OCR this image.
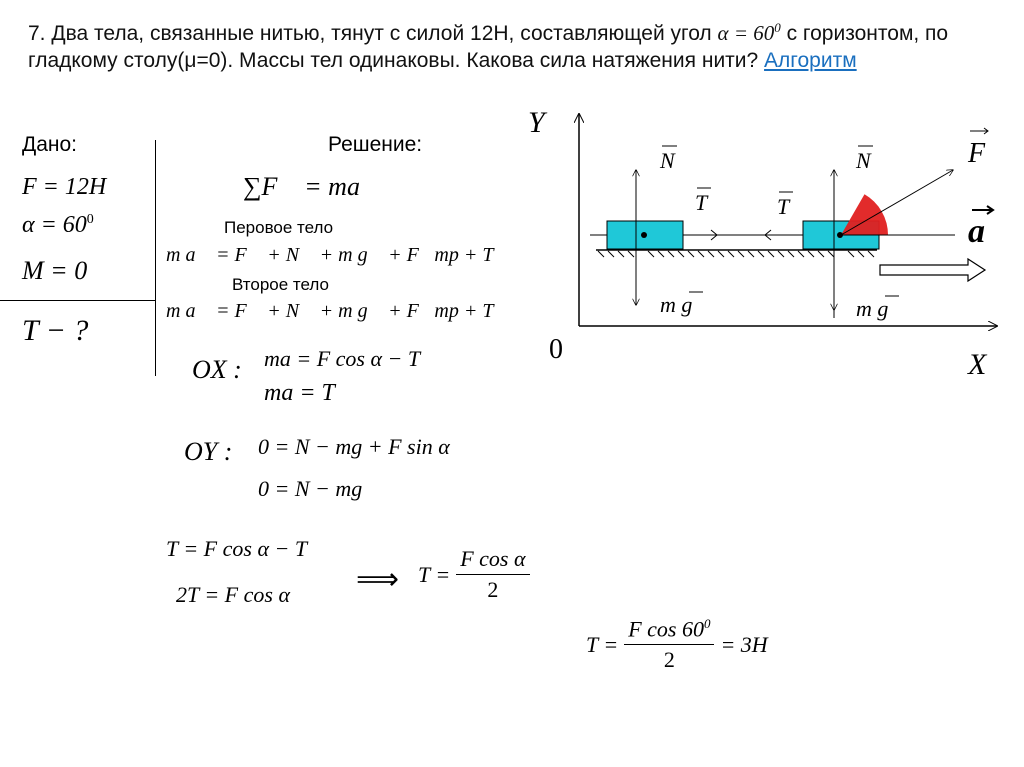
7. Два тела, связанные нитью, тянут с силой 12Н, составляющей угол $\alpha = 60^0$ с горизонтом, по гладкому столу(μ=0). Массы тел одинаковы. Какова сила натяжения нити? Алгоритм
Дано:
F = 12H
$\alpha = 60^0$
M = 0
T − ?
Решение:
∑F⃗ = ma⃗
Перовое тело
m a⃗ = F⃗ + N⃗ + m g⃗ + F⃗тр + T⃗
Второе тело
m a⃗ = F⃗ + N⃗ + m g⃗ + F⃗тр + T⃗
OX : ma = F cos α − T
ma = T
OY : 0 = N − mg + F sin α
0 = N − mg
T = F cos α − T
2T = F cos α ⟹ $T = \frac{\text{F cos α}}{2}$
$T = \frac{F \cos 60^0}{2} = 3H$
Y
X
0
N	N
T	T
m g	m g
F
a
